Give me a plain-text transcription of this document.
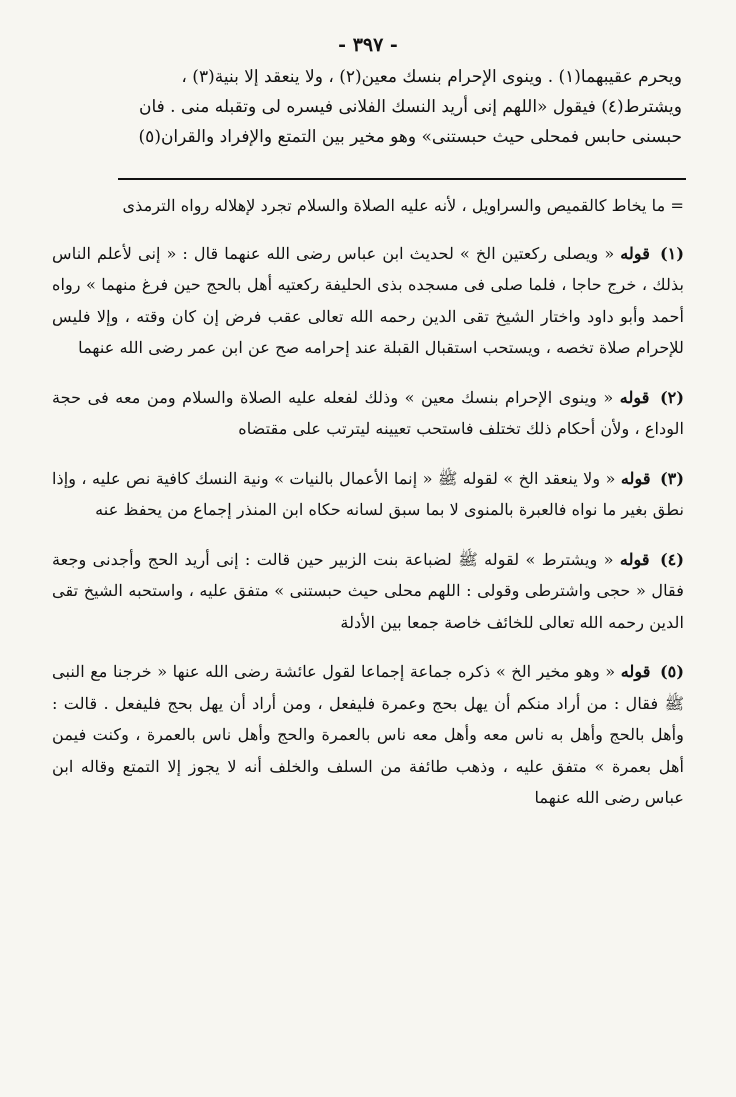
- ٣٩٧ -

ويحرم عقيبهما(١) . وينوى الإحرام بنسك معين(٢) ، ولا ينعقد إلا بنية(٣) ،

ويشترط(٤) فيقول «اللهم إنى أريد النسك الفلانى فيسره لى وتقبله منى . فان

حبسنى حابس فمحلى حيث حبستنى» وهو مخير بين التمتع والإفراد والقران(٥)

= ما يخاط كالقميص والسراويل ، لأنه عليه الصلاة والسلام تجرد لإهلاله رواه الترمذى

(١) قوله « ويصلى ركعتين الخ » لحديث ابن عباس رضى الله عنهما قال : « إنى لأعلم الناس بذلك ، خرج حاجا ، فلما صلى فى مسجده بذى الحليفة ركعتيه أهل بالحج حين فرغ منهما » رواه أحمد وأبو داود واختار الشيخ تقى الدين رحمه الله تعالى عقب فرض إن كان وقته ، وإلا فليس للإحرام صلاة تخصه ، ويستحب استقبال القبلة عند إحرامه صح عن ابن عمر رضى الله عنهما

(٢) قوله « وينوى الإحرام بنسك معين » وذلك لفعله عليه الصلاة والسلام ومن معه فى حجة الوداع ، ولأن أحكام ذلك تختلف فاستحب تعيينه ليترتب على مقتضاه

(٣) قوله « ولا ينعقد الخ » لقوله ﷺ « إنما الأعمال بالنيات » ونية النسك كافية نص عليه ، وإذا نطق بغير ما نواه فالعبرة بالمنوى لا بما سبق لسانه حكاه ابن المنذر إجماع من يحفظ عنه

(٤) قوله « ويشترط » لقوله ﷺ لضباعة بنت الزبير حين قالت : إنى أريد الحج وأجدنى وجعة فقال « حجى واشترطى وقولى : اللهم محلى حيث حبستنى » متفق عليه ، واستحبه الشيخ تقى الدين رحمه الله تعالى للخائف خاصة جمعا بين الأدلة

(٥) قوله « وهو مخير الخ » ذكره جماعة إجماعا لقول عائشة رضى الله عنها « خرجنا مع النبى ﷺ فقال : من أراد منكم أن يهل بحج وعمرة فليفعل ، ومن أراد أن يهل بحج فليفعل . قالت : وأهل بالحج وأهل به ناس معه وأهل معه ناس بالعمرة والحج وأهل ناس بالعمرة ، وكنت فيمن أهل بعمرة » متفق عليه ، وذهب طائفة من السلف والخلف أنه لا يجوز إلا التمتع وقاله ابن عباس رضى الله عنهما
